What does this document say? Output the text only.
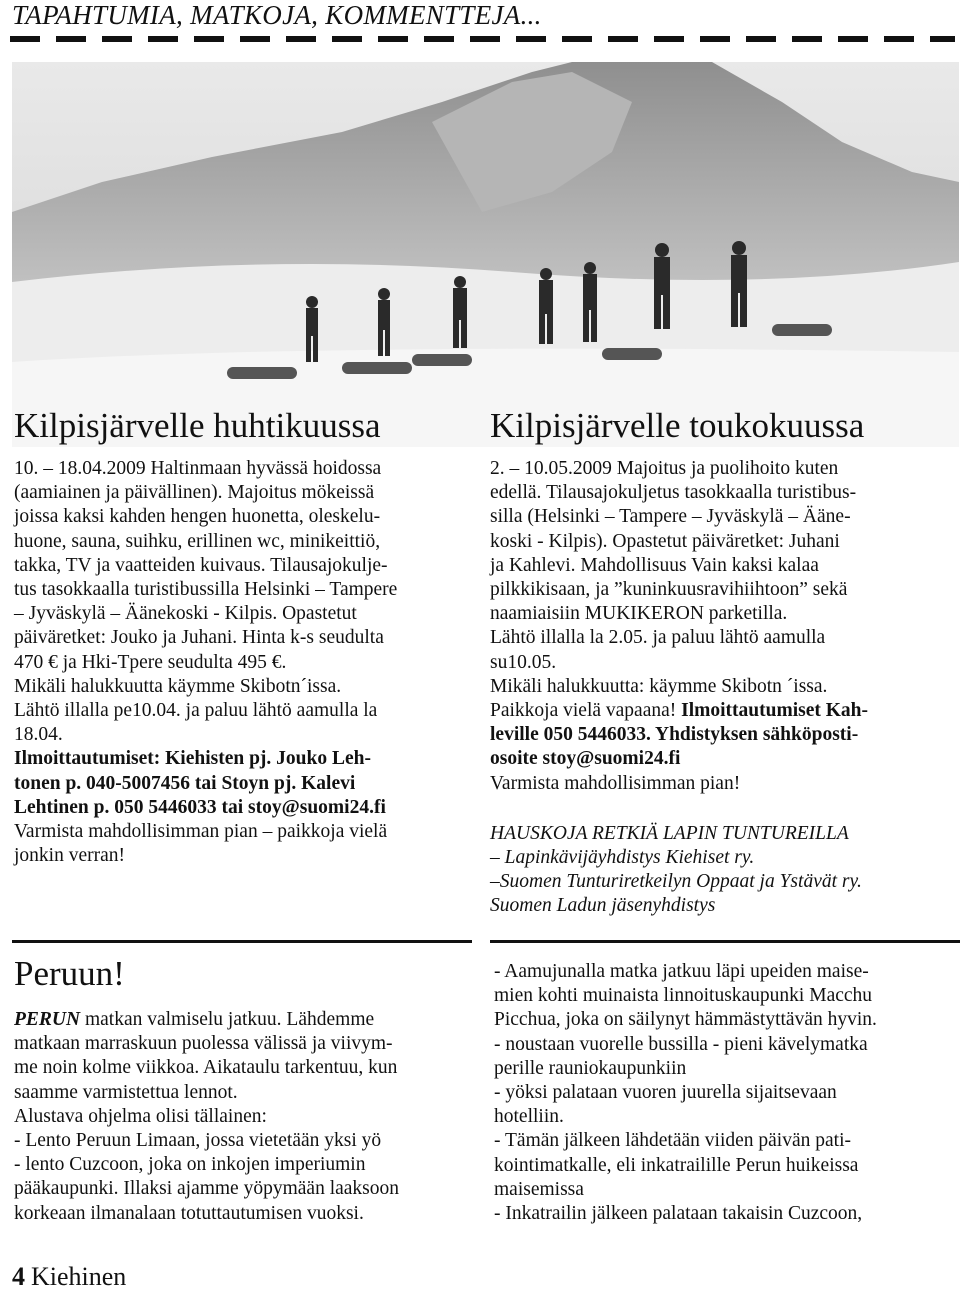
TAPAHTUMIA, MATKOJA, KOMMENTTEJA...
Kilpisjärvelle huhtikuussa	Kilpisjärvelle toukokuussa

10. – 18.04.2009 Haltinmaan hyvässä hoidossa

(aamiainen ja päivällinen). Majoitus mökeissä

joissa kaksi kahden hengen huonetta, oleskelu-

huone, sauna, suihku, erillinen wc, minikeittiö,

takka, TV ja vaatteiden kuivaus. Tilausajokulje-

tus tasokkaalla turistibussilla Helsinki – Tampere

– Jyväskylä – Äänekoski - Kilpis. Opastetut

päiväretket: Jouko ja Juhani. Hinta k-s seudulta

470 € ja Hki-Tpere seudulta 495 €.

Mikäli halukkuutta käymme Skibotn´issa.

Lähtö illalla pe10.04. ja paluu lähtö aamulla la

18.04.

Ilmoittautumiset: Kiehisten pj. Jouko Leh-

tonen p. 040-5007456 tai Stoyn pj. Kalevi

Lehtinen p. 050 5446033 tai stoy@suomi24.fi

Varmista mahdollisimman pian – paikkoja vielä

jonkin verran!

2. – 10.05.2009 Majoitus ja puolihoito kuten

edellä. Tilausajokuljetus tasokkaalla turistibus-

silla (Helsinki – Tampere – Jyväskylä – Ääne-

koski - Kilpis). Opastetut päiväretket: Juhani

ja Kahlevi. Mahdollisuus Vain kaksi kalaa

pilkkikisaan, ja ”kuninkuusravihiihtoon” sekä

naamiaisiin MUKIKERON parketilla.

Lähtö illalla la 2.05. ja paluu lähtö aamulla

su10.05.

Mikäli halukkuutta: käymme Skibotn ´issa.

Paikkoja vielä vapaana! Ilmoittautumiset Kah-

leville 050 5446033. Yhdistyksen sähköposti-

osoite stoy@suomi24.fi

Varmista mahdollisimman pian!

HAUSKOJA RETKIÄ LAPIN TUNTUREILLA

– Lapinkävijäyhdistys Kiehiset ry.

–Suomen Tunturiretkeilyn Oppaat ja Ystävät ry.

Suomen Ladun jäsenyhdistys

Peruun!

PERUN matkan valmiselu jatkuu. Lähdemme

matkaan marraskuun puolessa välissä ja viivym-

me noin kolme viikkoa. Aikataulu tarkentuu, kun

saamme varmistettua lennot.

Alustava ohjelma olisi tällainen:

- Lento Peruun Limaan, jossa vietetään yksi yö

- lento Cuzcoon, joka on inkojen imperiumin

pääkaupunki. Illaksi ajamme yöpymään laaksoon

korkeaan ilmanalaan totuttautumisen vuoksi.

- Aamujunalla matka jatkuu läpi upeiden maise-

mien kohti muinaista linnoituskaupunki Macchu

Picchua, joka on säilynyt hämmästyttävän hyvin.

- noustaan vuorelle bussilla - pieni kävelymatka

perille rauniokaupunkiin

- yöksi palataan vuoren juurella sijaitsevaan

hotelliin.

- Tämän jälkeen lähdetään viiden päivän pati-

kointimatkalle, eli inkatrailille Perun huikeissa

maisemissa

- Inkatrailin jälkeen palataan takaisin Cuzcoon,

4 Kiehinen
